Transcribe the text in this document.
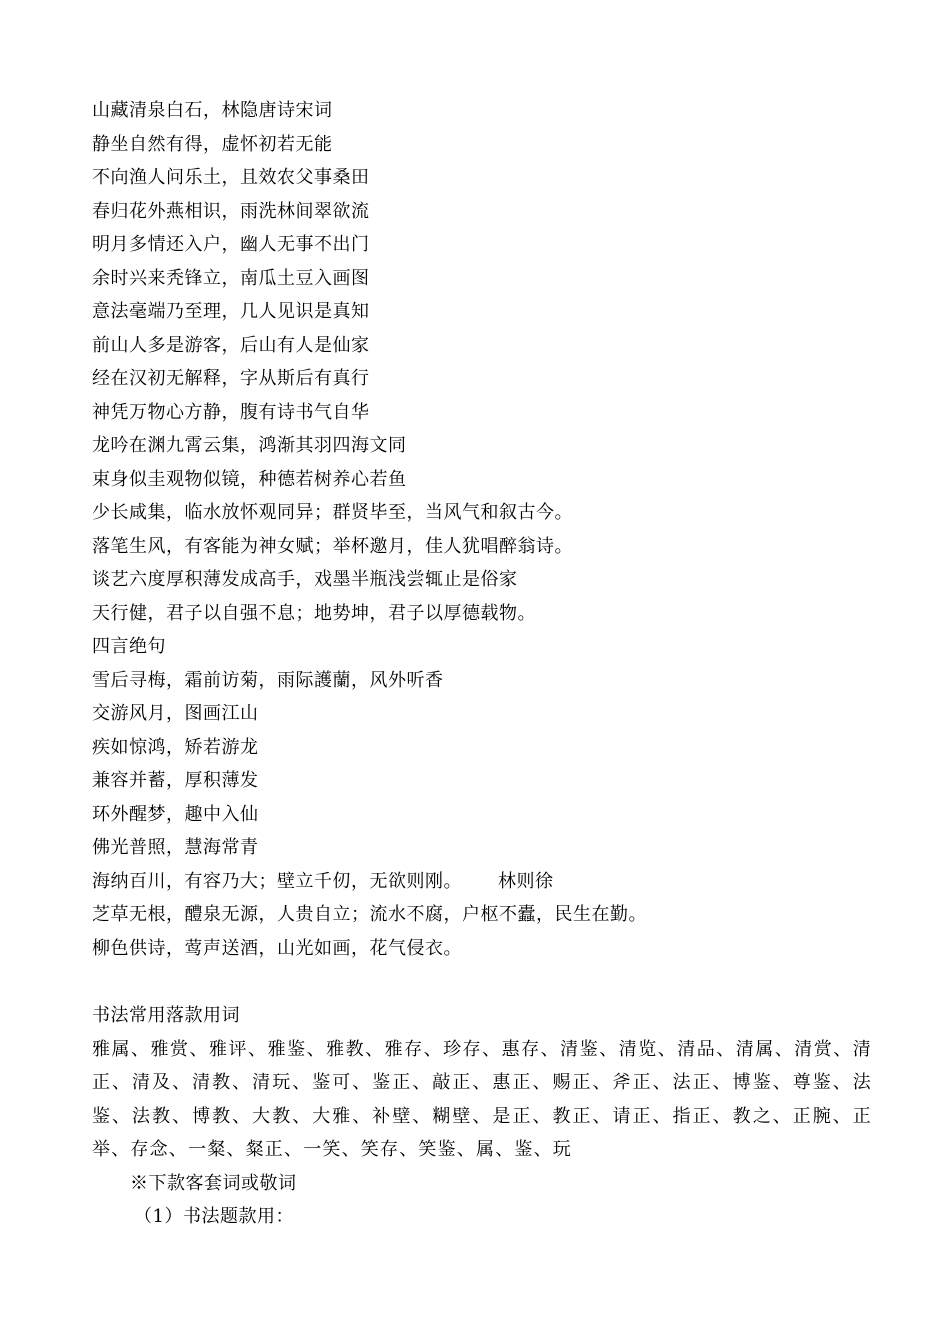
山藏清泉白石，林隐唐诗宋词
静坐自然有得，虚怀初若无能
不向渔人问乐土，且效农父事桑田
春归花外燕相识，雨洗林间翠欲流
明月多情还入户，幽人无事不出门
余时兴来秃锋立，南瓜土豆入画图
意法毫端乃至理，几人见识是真知
前山人多是游客，后山有人是仙家
经在汉初无解释，字从斯后有真行
神凭万物心方静，腹有诗书气自华
龙吟在渊九霄云集，鸿渐其羽四海文同
束身似圭观物似镜，种德若树养心若鱼
少长咸集，临水放怀观同异；群贤毕至，当风气和叙古今。
落笔生风，有客能为神女赋；举杯邀月，佳人犹唱醉翁诗。
谈艺六度厚积薄发成高手，戏墨半瓶浅尝辄止是俗家
天行健，君子以自强不息；地势坤，君子以厚德载物。
四言绝句
雪后寻梅，霜前访菊，雨际護蘭，风外听香
交游风月，图画江山
疾如惊鸿，矫若游龙
兼容并蓄，厚积薄发
环外醒梦，趣中入仙
佛光普照，慧海常青
海纳百川，有容乃大；壁立千仞，无欲则刚。 林则徐
芝草无根，醴泉无源，人贵自立；流水不腐，户枢不蠹，民生在勤。
柳色供诗，莺声送酒，山光如画，花气侵衣。
书法常用落款用词
雅属、雅赏、雅评、雅鉴、雅教、雅存、珍存、惠存、清鉴、清览、清品、清属、清赏、清正、清及、清教、清玩、鉴可、鉴正、敲正、惠正、赐正、斧正、法正、博鉴、尊鉴、法鉴、法教、博教、大教、大雅、补壁、糊壁、是正、教正、请正、指正、教之、正腕、正举、存念、一粲、粲正、一笑、笑存、笑鉴、属、鉴、玩
※下款客套词或敬词
（1）书法题款用：
